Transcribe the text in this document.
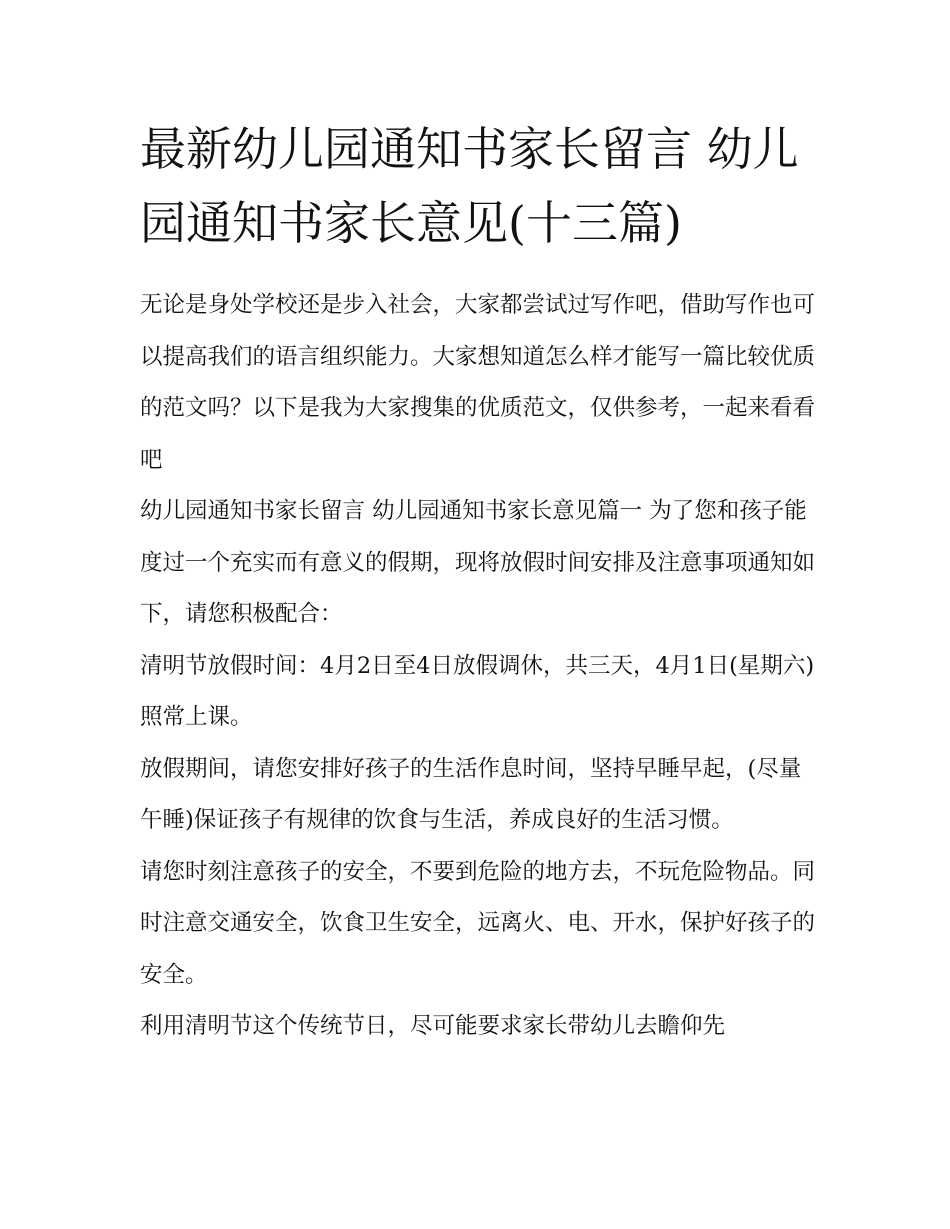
最新幼儿园通知书家长留言 幼儿园通知书家长意见(十三篇)

无论是身处学校还是步入社会，大家都尝试过写作吧，借助写作也可以提高我们的语言组织能力。大家想知道怎么样才能写一篇比较优质的范文吗？以下是我为大家搜集的优质范文，仅供参考，一起来看看吧

幼儿园通知书家长留言 幼儿园通知书家长意见篇一 为了您和孩子能度过一个充实而有意义的假期，现将放假时间安排及注意事项通知如下，请您积极配合：

清明节放假时间：4月2日至4日放假调休，共三天，4月1日(星期六)照常上课。

放假期间，请您安排好孩子的生活作息时间，坚持早睡早起，(尽量午睡)保证孩子有规律的饮食与生活，养成良好的生活习惯。

请您时刻注意孩子的安全，不要到危险的地方去，不玩危险物品。同时注意交通安全，饮食卫生安全，远离火、电、开水，保护好孩子的安全。

利用清明节这个传统节日，尽可能要求家长带幼儿去瞻仰先
